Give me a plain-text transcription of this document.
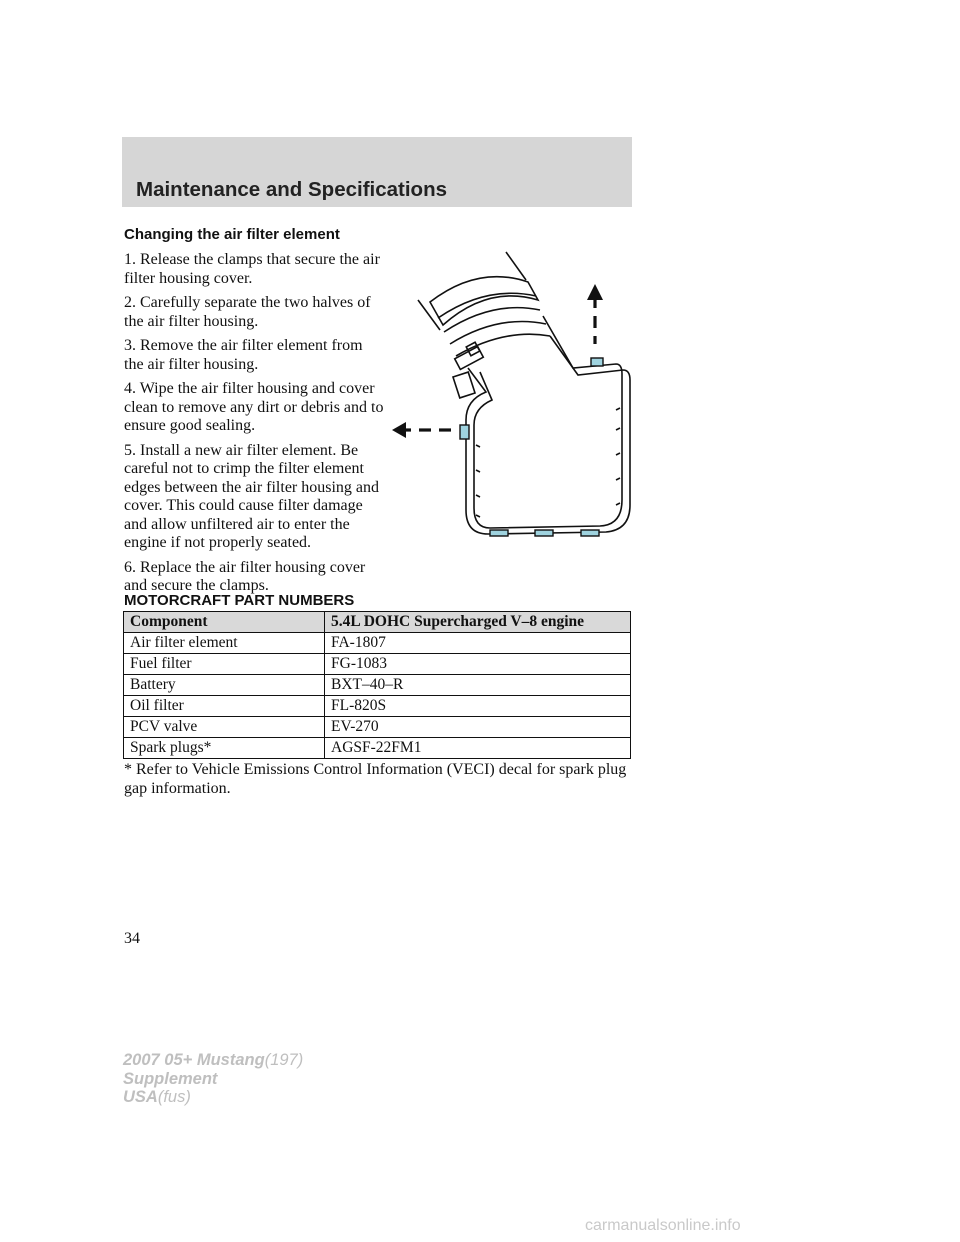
Maintenance and Specifications
Changing the air filter element

1. Release the clamps that secure the air filter housing cover.

2. Carefully separate the two halves of the air filter housing.

3. Remove the air filter element from the air filter housing.

4. Wipe the air filter housing and cover clean to remove any dirt or debris and to ensure good sealing.

5. Install a new air filter element. Be careful not to crimp the filter element edges between the air filter housing and cover. This could cause filter damage and allow unfiltered air to enter the engine if not properly seated.

6. Replace the air filter housing cover and secure the clamps.

MOTORCRAFT PART NUMBERS
Component	5.4L DOHC Supercharged V–8 engine
Air filter element	FA-1807
Fuel filter	FG-1083
Battery	BXT–40–R
Oil filter	FL-820S
PCV valve	EV-270
Spark plugs*	AGSF-22FM1
* Refer to Vehicle Emissions Control Information (VECI) decal for spark plug gap information.
34
2007 05+ Mustang(197)
Supplement
USA(fus)
carmanualsonline.info
